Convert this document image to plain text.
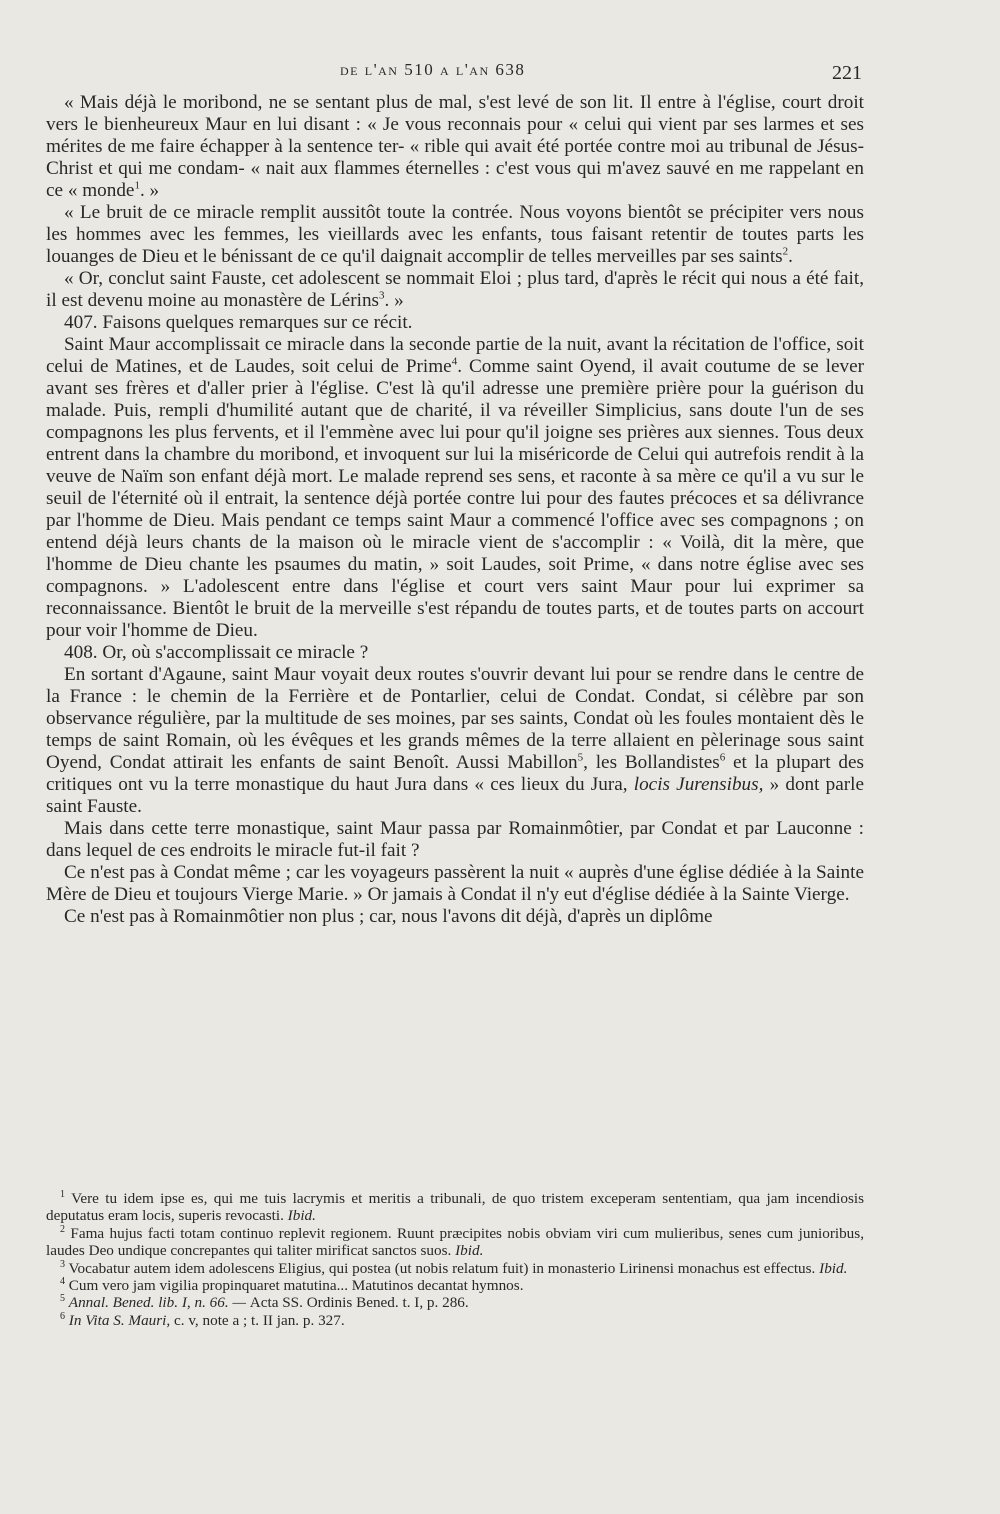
de l'an 510 a l'an 638	221

« Mais déjà le moribond, ne se sentant plus de mal, s'est levé de son lit. Il entre à l'église, court droit vers le bienheureux Maur en lui disant : « Je vous reconnais pour « celui qui vient par ses larmes et ses mérites de me faire échapper à la sentence ter- « rible qui avait été portée contre moi au tribunal de Jésus-Christ et qui me condam- « nait aux flammes éternelles : c'est vous qui m'avez sauvé en me rappelant en ce « monde$^1$. »

« Le bruit de ce miracle remplit aussitôt toute la contrée. Nous voyons bientôt se précipiter vers nous les hommes avec les femmes, les vieillards avec les enfants, tous faisant retentir de toutes parts les louanges de Dieu et le bénissant de ce qu'il daignait accomplir de telles merveilles par ses saints$^2$.

« Or, conclut saint Fauste, cet adolescent se nommait Eloi ; plus tard, d'après le récit qui nous a été fait, il est devenu moine au monastère de Lérins$^3$. »

407. Faisons quelques remarques sur ce récit.

Saint Maur accomplissait ce miracle dans la seconde partie de la nuit, avant la récitation de l'office, soit celui de Matines, et de Laudes, soit celui de Prime$^4$. Comme saint Oyend, il avait coutume de se lever avant ses frères et d'aller prier à l'église. C'est là qu'il adresse une première prière pour la guérison du malade. Puis, rempli d'humilité autant que de charité, il va réveiller Simplicius, sans doute l'un de ses compagnons les plus fervents, et il l'emmène avec lui pour qu'il joigne ses prières aux siennes. Tous deux entrent dans la chambre du moribond, et invoquent sur lui la miséricorde de Celui qui autrefois rendit à la veuve de Naïm son enfant déjà mort. Le malade reprend ses sens, et raconte à sa mère ce qu'il a vu sur le seuil de l'éternité où il entrait, la sentence déjà portée contre lui pour des fautes précoces et sa délivrance par l'homme de Dieu. Mais pendant ce temps saint Maur a commencé l'office avec ses compagnons ; on entend déjà leurs chants de la maison où le miracle vient de s'accomplir : « Voilà, dit la mère, que l'homme de Dieu chante les psaumes du matin, » soit Laudes, soit Prime, « dans notre église avec ses compagnons. » L'adolescent entre dans l'église et court vers saint Maur pour lui exprimer sa reconnaissance. Bientôt le bruit de la merveille s'est répandu de toutes parts, et de toutes parts on accourt pour voir l'homme de Dieu.

408. Or, où s'accomplissait ce miracle ?

En sortant d'Agaune, saint Maur voyait deux routes s'ouvrir devant lui pour se rendre dans le centre de la France : le chemin de la Ferrière et de Pontarlier, celui de Condat. Condat, si célèbre par son observance régulière, par la multitude de ses moines, par ses saints, Condat où les foules montaient dès le temps de saint Romain, où les évêques et les grands mêmes de la terre allaient en pèlerinage sous saint Oyend, Condat attirait les enfants de saint Benoît. Aussi Mabillon$^5$, les Bollandistes$^6$ et la plupart des critiques ont vu la terre monastique du haut Jura dans « ces lieux du Jura, locis Jurensibus, » dont parle saint Fauste.

Mais dans cette terre monastique, saint Maur passa par Romainmôtier, par Condat et par Lauconne : dans lequel de ces endroits le miracle fut-il fait ?

Ce n'est pas à Condat même ; car les voyageurs passèrent la nuit « auprès d'une église dédiée à la Sainte Mère de Dieu et toujours Vierge Marie. » Or jamais à Condat il n'y eut d'église dédiée à la Sainte Vierge.

Ce n'est pas à Romainmôtier non plus ; car, nous l'avons dit déjà, d'après un diplôme

$^1$ Vere tu idem ipse es, qui me tuis lacrymis et meritis a tribunali, de quo tristem exceperam sententiam, qua jam incendiosis deputatus eram locis, superis revocasti. Ibid.

$^2$ Fama hujus facti totam continuo replevit regionem. Ruunt præcipites nobis obviam viri cum mulieribus, senes cum junioribus, laudes Deo undique concrepantes qui taliter mirificat sanctos suos. Ibid.

$^3$ Vocabatur autem idem adolescens Eligius, qui postea (ut nobis relatum fuit) in monasterio Lirinensi monachus est effectus. Ibid.

$^4$ Cum vero jam vigilia propinquaret matutina... Matutinos decantat hymnos.

$^5$ Annal. Bened. lib. I, n. 66. — Acta SS. Ordinis Bened. t. I, p. 286.

$^6$ In Vita S. Mauri, c. v, note a ; t. II jan. p. 327.
